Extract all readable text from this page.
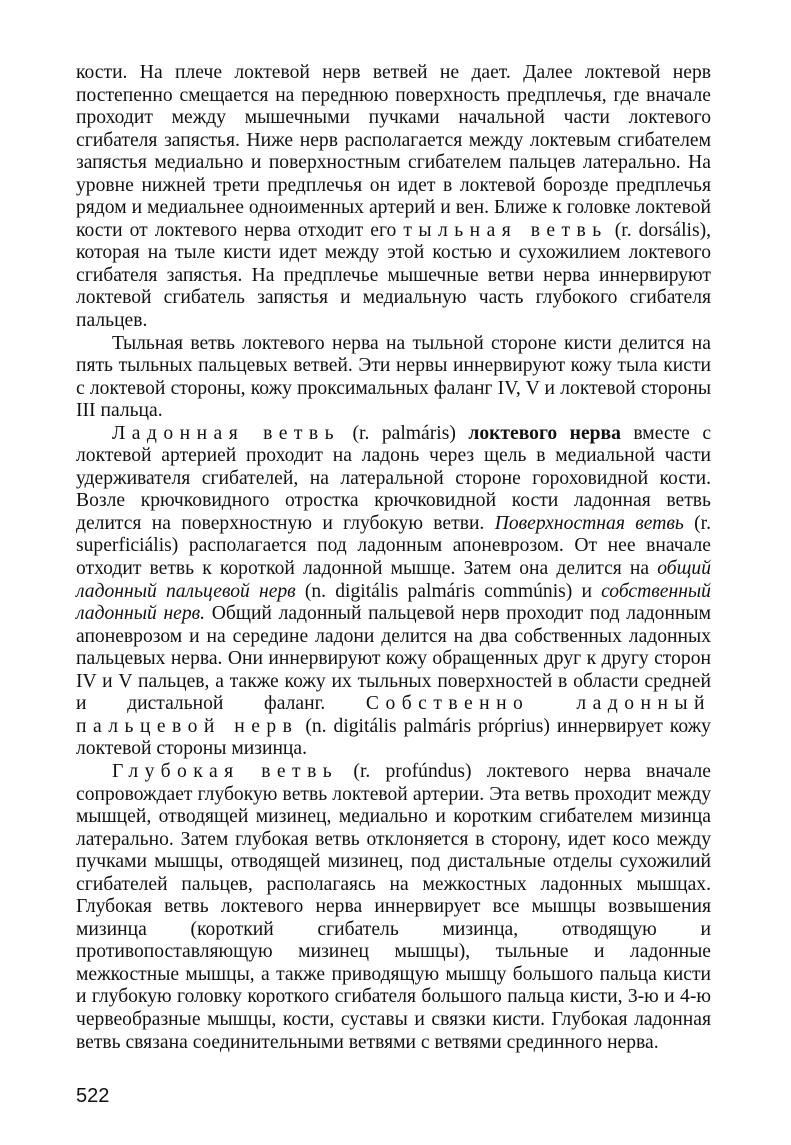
кости. На плече локтевой нерв ветвей не дает. Далее локтевой нерв постепенно смещается на переднюю поверхность предплечья, где вначале проходит между мышечными пучками начальной части локтевого сгибателя запястья. Ниже нерв располагается между локтевым сгибателем запястья медиально и поверхностным сгибателем пальцев латерально. На уровне нижней трети предплечья он идет в локтевой борозде предплечья рядом и медиальнее одноименных артерий и вен. Ближе к головке локтевой кости от локтевого нерва отходит его тыльная ветвь (r. dorsális), которая на тыле кисти идет между этой костью и сухожилием локтевого сгибателя запястья. На предплечье мышечные ветви нерва иннервируют локтевой сгибатель запястья и медиальную часть глубокого сгибателя пальцев.

Тыльная ветвь локтевого нерва на тыльной стороне кисти делится на пять тыльных пальцевых ветвей. Эти нервы иннервируют кожу тыла кисти с локтевой стороны, кожу проксимальных фаланг IV, V и локтевой стороны III пальца.

Ладонная ветвь (r. palmáris) локтевого нерва вместе с локтевой артерией проходит на ладонь через щель в медиальной части удерживателя сгибателей, на латеральной стороне гороховидной кости. Возле крючковидного отростка крючковидной кости ладонная ветвь делится на поверхностную и глубокую ветви. Поверхностная ветвь (r. superficiális) располагается под ладонным апоневрозом. От нее вначале отходит ветвь к короткой ладонной мышце. Затем она делится на общий ладонный пальцевой нерв (n. digitális palmáris commúnis) и собственный ладонный нерв. Общий ладонный пальцевой нерв проходит под ладонным апоневрозом и на середине ладони делится на два собственных ладонных пальцевых нерва. Они иннервируют кожу обращенных друг к другу сторон IV и V пальцев, а также кожу их тыльных поверхностей в области средней и дистальной фаланг. Собственно ладонный пальцевой нерв (n. digitális palmáris próprius) иннервирует кожу локтевой стороны мизинца.

Глубокая ветвь (r. profúndus) локтевого нерва вначале сопровождает глубокую ветвь локтевой артерии. Эта ветвь проходит между мышцей, отводящей мизинец, медиально и коротким сгибателем мизинца латерально. Затем глубокая ветвь отклоняется в сторону, идет косо между пучками мышцы, отводящей мизинец, под дистальные отделы сухожилий сгибателей пальцев, располагаясь на межкостных ладонных мышцах. Глубокая ветвь локтевого нерва иннервирует все мышцы возвышения мизинца (короткий сгибатель мизинца, отводящую и противопоставляющую мизинец мышцы), тыльные и ладонные межкостные мышцы, а также приводящую мышцу большого пальца кисти и глубокую головку короткого сгибателя большого пальца кисти, 3-ю и 4-ю червеобразные мышцы, кости, суставы и связки кисти. Глубокая ладонная ветвь связана соединительными ветвями с ветвями срединного нерва.

522
